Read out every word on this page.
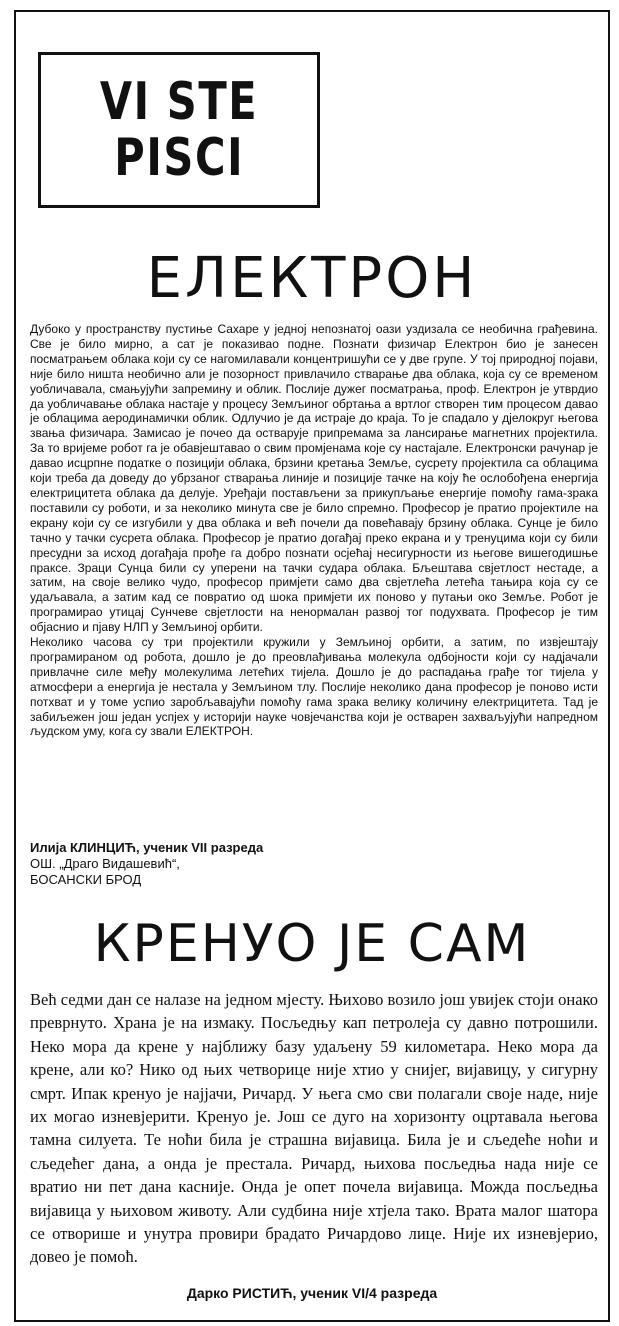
VI STE
PISCI
ЕЛЕКТРОН

Дубоко у пространству пустиње Сахаре у једној непознатој оази уздизала се необична грађевина. Све је било мирно, а сат је показивао подне. Познати физичар Електрон био је занесен посматрањем облака који су се нагомилавали концентришући се у две групе. У тој природној појави, није било ништа необично али је позорност привлачило стварање два облака, која су се временом уобличавала, смањујући запремину и облик. Послије дужег посматрања, проф. Електрон је утврдио да уобличавање облака настаје у процесу Земљиног обртања а вртлог створен тим процесом давао је облацима аеродинамички облик. Одлучио је да истраје до краја. То је спадало у дјелокруг његова звања физичара. Замисао је почео да остварује припремама за лансирање магнетних пројектила. За то вријеме робот га је обавјештавао о свим промјенама које су настајале. Електронски рачунар је давао исцрпне податке о позицији облака, брзини кретања Земље, сусрету пројектила са облацима који треба да доведу до убрзаног стварања линије и позиције тачке на коју ће ослобођена енергија електрицитета облака да делује. Уређаји постављени за прикупљање енергије помоћу гама-зрака поставили су роботи, и за неколико минута све је било спремно. Професор је пратио пројектиле на екрану који су се изгубили у два облака и већ почели да повећавају брзину облака. Сунце је било тачно у тачки сусрета облака. Професор је пратио догађај преко екрана и у тренуцима који су били пресудни за исход догађаја прође га добро познати осјећај несигурности из његове вишегодишње праксе. Зраци Сунца били су уперени на тачки судара облака. Бљештава свјетлост нестаде, а затим, на своје велико чудо, професор примјети само два свјетлећа летећа тањира која су се удаљавала, а затим кад се повратио од шока примјети их поново у путањи око Земље. Робот је програмирао утицај Сунчеве свјетлости на ненормалан развој тог подухвата. Професор је тим објаснио и пјаву НЛП у Земљиној орбити.

Неколико часова су три пројектили кружили у Земљиној орбити, а затим, по извјештају програмираном од робота, дошло је до преовлађивања молекула одбојности који су надјачали привлачне силе међу молекулима летећих тијела. Дошло је до распадања грађе тог тијела у атмосфери а енергија је нестала у Земљином тлу. Послије неколико дана професор је поново исти потхват и у томе успио заробљавајући помоћу гама зрака велику количину електрицитета. Тад је забиљежен још један успјех у историји науке човјечанства који је остварен захваљујући напредном људском уму, кога су звали ЕЛЕКТРОН.

Илија КЛИНЦИЋ, ученик VII разреда
ОШ. „Драго Видашевић“,
БОСАНСКИ БРОД
КРЕНУО ЈЕ САМ

Већ седми дан се налазе на једном мјесту. Њихово возило још увијек стоји онако преврнуто. Храна је на измаку. Посљедњу кап петролеја су давно потрошили. Неко мора да крене у најближу базу удаљену 59 километара. Неко мора да крене, али ко? Нико од њих четворице није хтио у снијег, вијавицу, у сигурну смрт. Ипак кренуо је најјачи, Ричард. У њега смо сви полагали своје наде, није их могао изневјерити. Кренуо је. Још се дуго на хоризонту оцртавала његова тамна силуета. Те ноћи била је страшна вијавица. Била је и сљедеће ноћи и сљедећег дана, а онда је престала. Ричард, њихова посљедња нада није се вратио ни пет дана касније. Онда је опет почела вијавица. Можда посљедња вијавица у њиховом животу. Али судбина није хтјела тако. Врата малог шатора се отворише и унутра провири брадато Ричардово лице. Није их изневјерио, довео је помоћ.

Дарко РИСТИЋ, ученик VI/4 разреда
